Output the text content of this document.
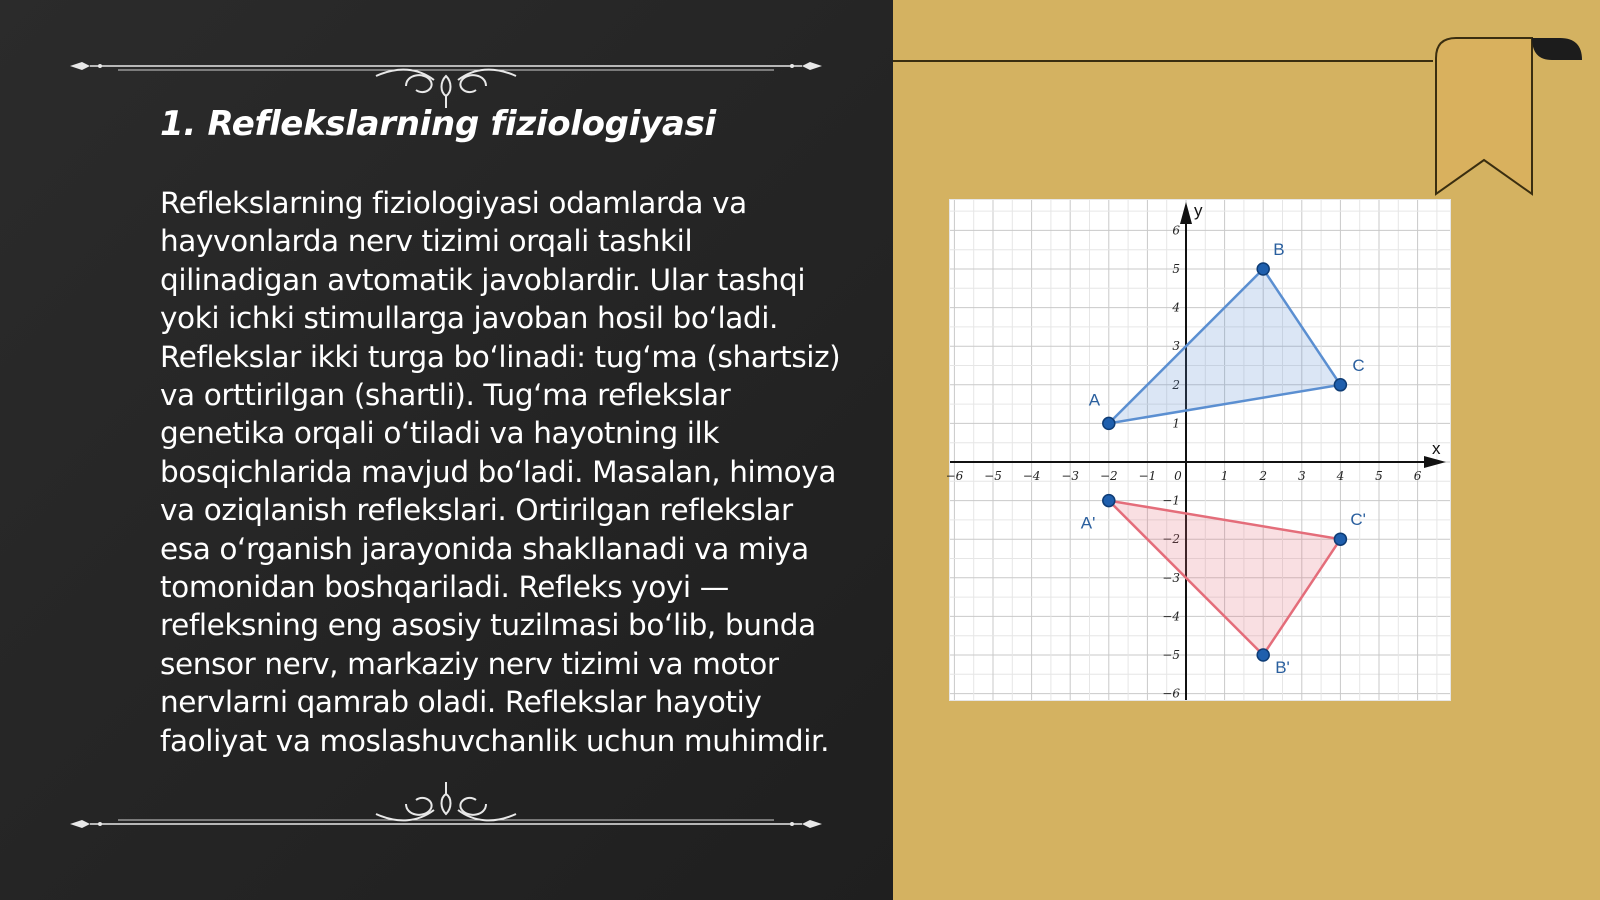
1. Reflekslarning fiziologiyasi

Reflekslarning fiziologiyasi odamlarda va hayvonlarda nerv tizimi orqali tashkil qilinadigan avtomatik javoblardir. Ular tashqi yoki ichki stimullarga javoban hosil bo‘ladi. Reflekslar ikki turga bo‘linadi: tug‘ma (shartsiz) va orttirilgan (shartli). Tug‘ma reflekslar genetika orqali o‘tiladi va hayotning ilk bosqichlarida mavjud bo‘ladi. Masalan, himoya va oziqlanish reflekslari. Ortirilgan reflekslar esa o‘rganish jarayonida shakllanadi va miya tomonidan boshqariladi. Refleks yoyi — refleksning eng asosiy tuzilmasi bo‘lib, bunda sensor nerv, markaziy nerv tizimi va motor nervlarni qamrab oladi. Reflekslar hayotiy faoliyat va moslashuvchanlik uchun muhimdir.

x
y
−6 −5 −4 −3 −2 −1 0	1	2	3	4	5	6
−6
−5
−4
−3
−2
−1
1
2
3
4
5
6
A
B
C
A'
B'
C'
